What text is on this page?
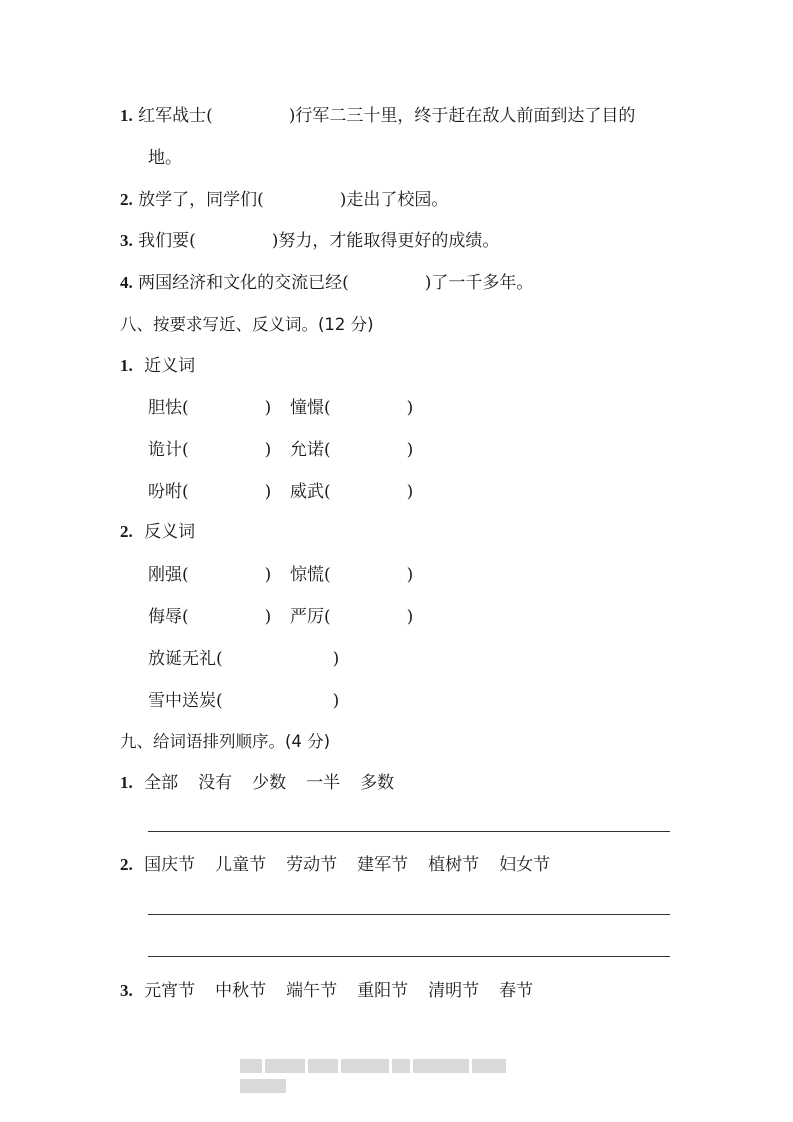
1. 红军战士(	)行军二三十里，终于赶在敌人前面到达了目的
地。
2. 放学了，同学们(	)走出了校园。
3. 我们要(	)努力，才能取得更好的成绩。
4. 两国经济和文化的交流已经(	)了一千多年。
八、按要求写近、反义词。(12 分)
1. 近义词
胆怯(	) 憧憬(	)
诡计(	) 允诺(	)
吩咐(	) 威武(	)
2. 反义词
刚强(	) 惊慌(	)
侮辱(	) 严厉(	)
放诞无礼(	)
雪中送炭(	)
九、给词语排列顺序。(4 分)
1. 全部 没有 少数 一半 多数
2. 国庆节 儿童节 劳动节 建军节 植树节 妇女节
3. 元宵节 中秋节 端午节 重阳节 清明节 春节
